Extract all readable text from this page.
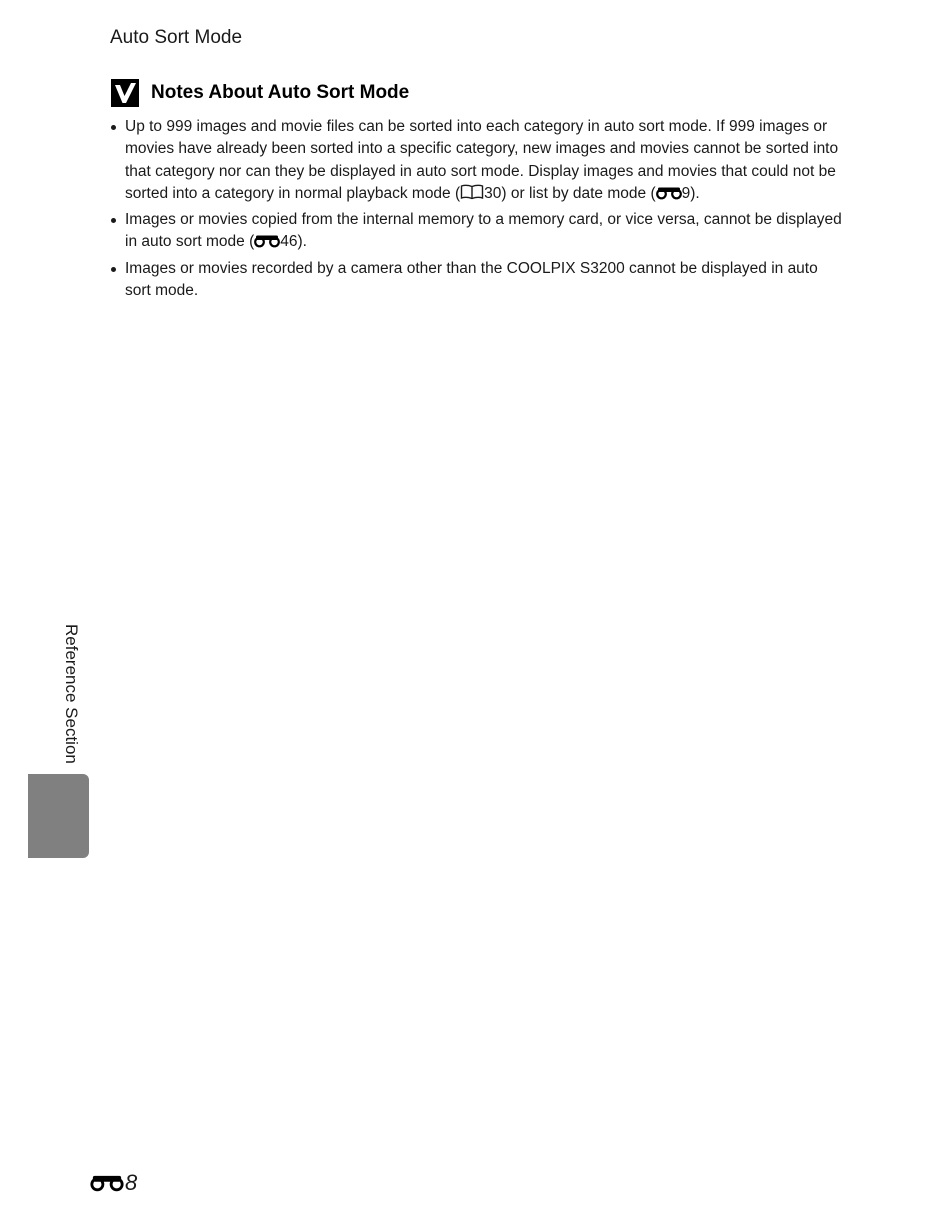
Auto Sort Mode
Notes About Auto Sort Mode
Up to 999 images and movie files can be sorted into each category in auto sort mode. If 999 images or movies have already been sorted into a specific category, new images and movies cannot be sorted into that category nor can they be displayed in auto sort mode. Display images and movies that could not be sorted into a category in normal playback mode ( 30) or list by date mode ( 9).
Images or movies copied from the internal memory to a memory card, or vice versa, cannot be displayed in auto sort mode ( 46).
Images or movies recorded by a camera other than the COOLPIX S3200 cannot be displayed in auto sort mode.
Reference Section
8
